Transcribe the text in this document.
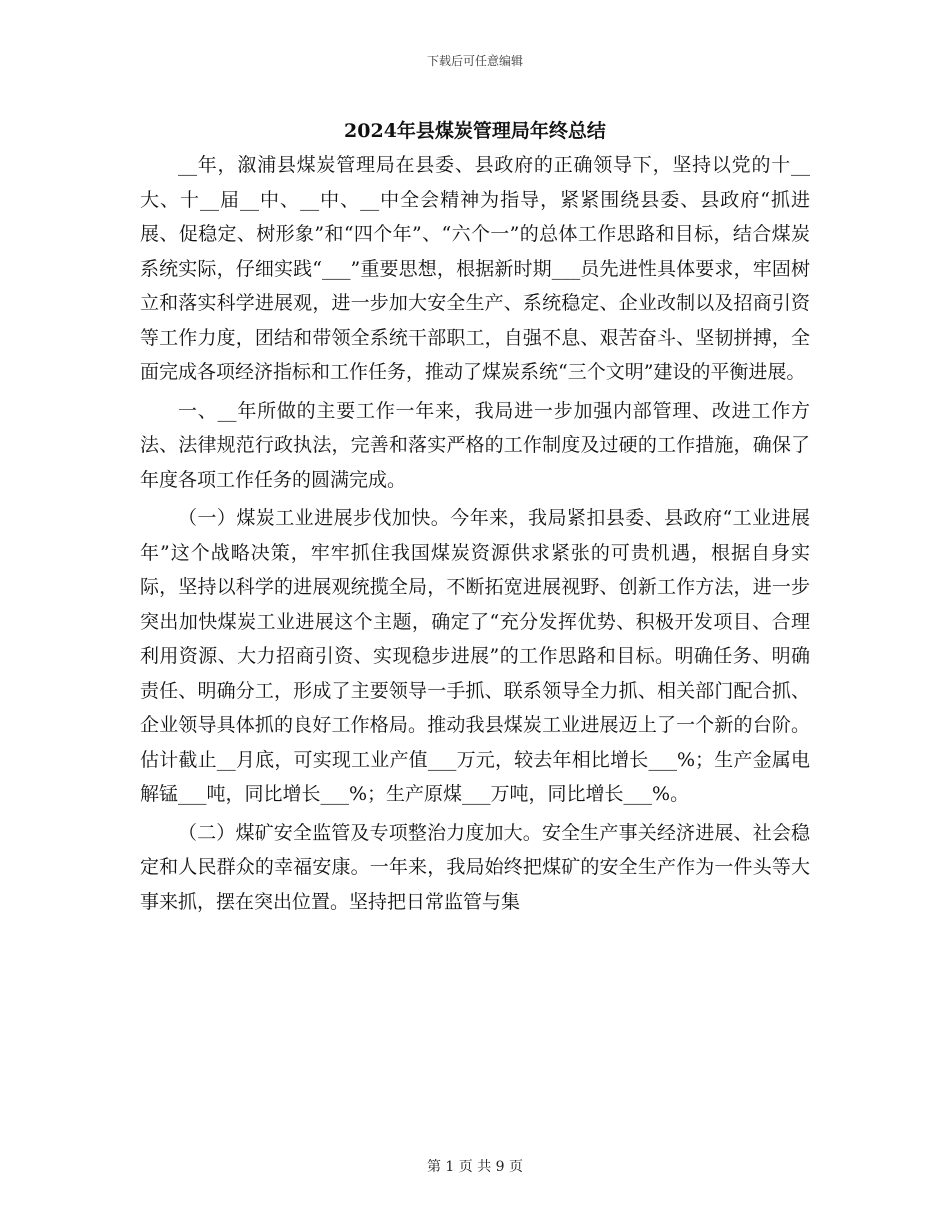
下载后可任意编辑
2024年县煤炭管理局年终总结

__年，溆浦县煤炭管理局在县委、县政府的正确领导下，坚持以党的十__大、十__届__中、__中、__中全会精神为指导，紧紧围绕县委、县政府“抓进展、促稳定、树形象”和“四个年”、“六个一”的总体工作思路和目标，结合煤炭系统实际，仔细实践“___”重要思想，根据新时期___员先进性具体要求，牢固树立和落实科学进展观，进一步加大安全生产、系统稳定、企业改制以及招商引资等工作力度，团结和带领全系统干部职工，自强不息、艰苦奋斗、坚韧拼搏，全面完成各项经济指标和工作任务，推动了煤炭系统“三个文明”建设的平衡进展。

一、__年所做的主要工作一年来，我局进一步加强内部管理、改进工作方法、法律规范行政执法，完善和落实严格的工作制度及过硬的工作措施，确保了年度各项工作任务的圆满完成。

（一）煤炭工业进展步伐加快。今年来，我局紧扣县委、县政府“工业进展年”这个战略决策，牢牢抓住我国煤炭资源供求紧张的可贵机遇，根据自身实际，坚持以科学的进展观统揽全局，不断拓宽进展视野、创新工作方法，进一步突出加快煤炭工业进展这个主题，确定了“充分发挥优势、积极开发项目、合理利用资源、大力招商引资、实现稳步进展”的工作思路和目标。明确任务、明确责任、明确分工，形成了主要领导一手抓、联系领导全力抓、相关部门配合抓、企业领导具体抓的良好工作格局。推动我县煤炭工业进展迈上了一个新的台阶。估计截止__月底，可实现工业产值___万元，较去年相比增长___%；生产金属电解锰___吨，同比增长___%；生产原煤___万吨，同比增长___%。

（二）煤矿安全监管及专项整治力度加大。安全生产事关经济进展、社会稳定和人民群众的幸福安康。一年来，我局始终把煤矿的安全生产作为一件头等大事来抓，摆在突出位置。坚持把日常监管与集

第 1 页 共 9 页
